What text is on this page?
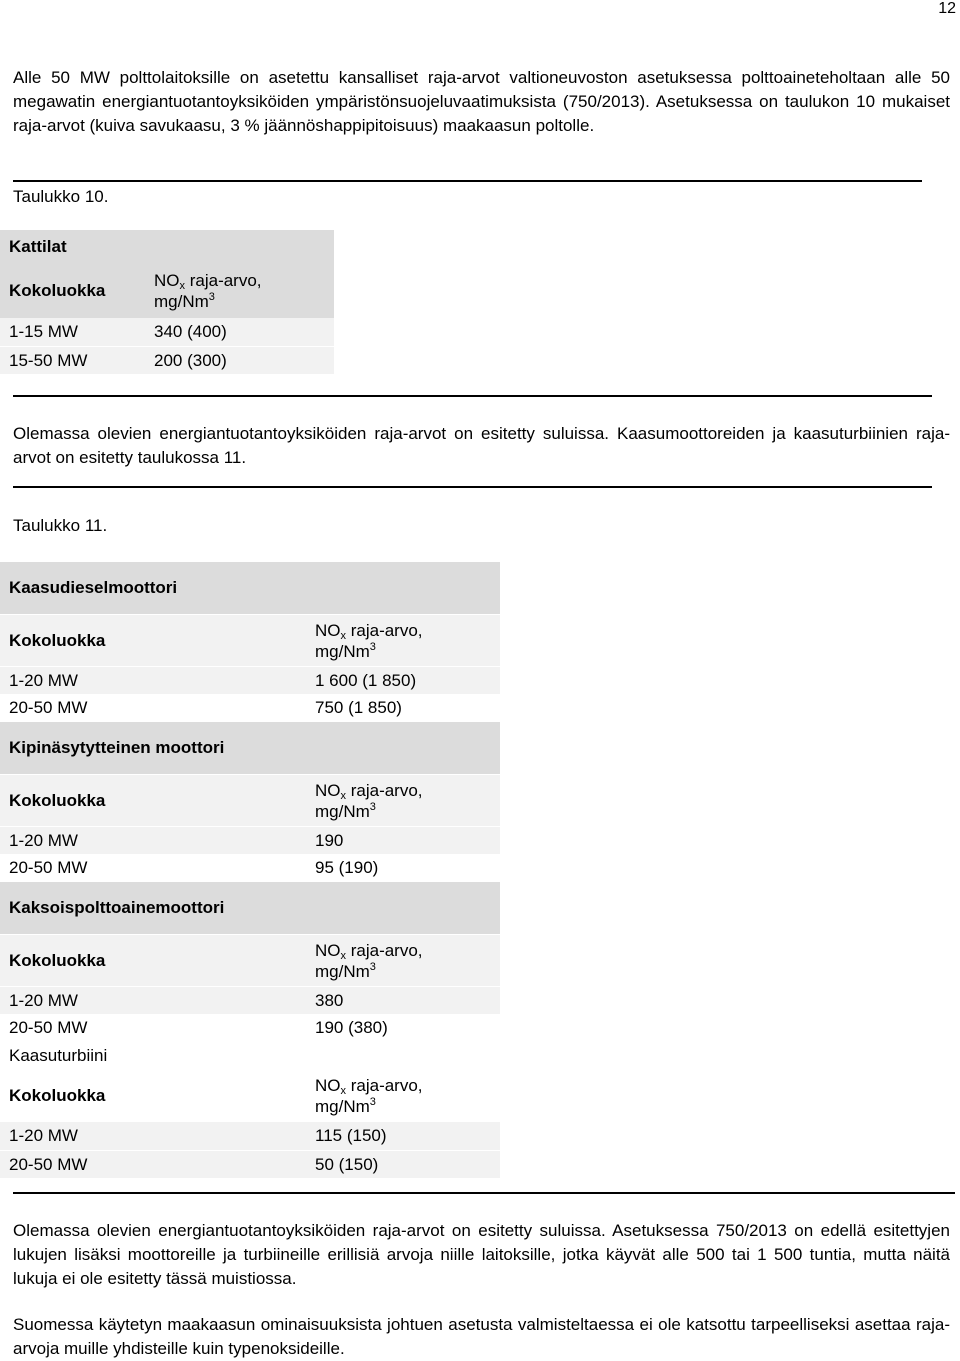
12

Alle 50 MW polttolaitoksille on asetettu kansalliset raja-arvot valtioneuvoston asetuksessa polttoaineteholtaan alle 50 megawatin energiantuotantoyksiköiden ympäristönsuojeluvaatimuksista (750/2013). Asetuksessa on taulukon 10 mukaiset raja-arvot (kuiva savukaasu, 3 % jäännöshappipitoisuus) maakaasun poltolle.

Taulukko 10.
Kattilat	
Kokoluokka	$NO_x$ raja-arvo,
mg/Nm$^3$

1-15 MW	340 (400)
15-50 MW	200 (300)

Olemassa olevien energiantuotantoyksiköiden raja-arvot on esitetty suluissa. Kaasumoottoreiden ja kaasuturbiinien raja-arvot on esitetty taulukossa 11.

Taulukko 11.
Kaasudieselmoottori	
Kokoluokka	$NO_x$ raja-arvo,
mg/Nm$^3$

1-20 MW	1 600 (1 850)
20-50 MW	750 (1 850)
Kipinäsytytteinen moottori	
Kokoluokka	$NO_x$ raja-arvo,
mg/Nm$^3$

1-20 MW	190
20-50 MW	95 (190)
Kaksoispolttoainemoottori	
Kokoluokka	$NO_x$ raja-arvo,
mg/Nm$^3$

1-20 MW	380
20-50 MW	190 (380)
Kaasuturbiini	
Kokoluokka	$NO_x$ raja-arvo,
mg/Nm$^3$

1-20 MW	115 (150)
20-50 MW	50 (150)

Olemassa olevien energiantuotantoyksiköiden raja-arvot on esitetty suluissa. Asetuksessa 750/2013 on edellä esitettyjen lukujen lisäksi moottoreille ja turbiineille erillisiä arvoja niille laitoksille, jotka käyvät alle 500 tai 1 500 tuntia, mutta näitä lukuja ei ole esitetty tässä muistiossa.

Suomessa käytetyn maakaasun ominaisuuksista johtuen asetusta valmisteltaessa ei ole katsottu tarpeelliseksi asettaa raja-arvoja muille yhdisteille kuin typenoksideille.
